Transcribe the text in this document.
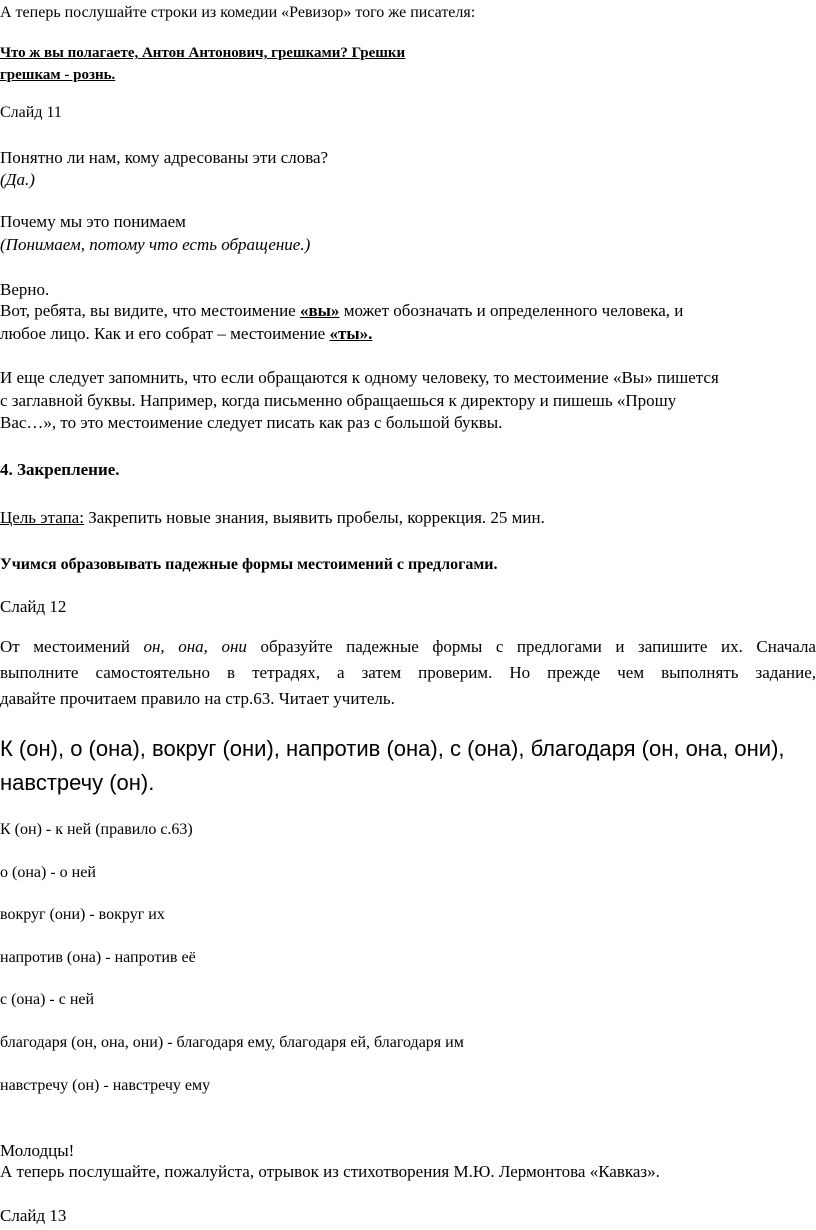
А теперь послушайте строки из комедии «Ревизор» того же писателя:

Что ж вы полагаете, Антон Антонович, грешками? Грешки

грешкам - рознь.

Слайд 11

Понятно ли нам, кому адресованы эти слова?

(Да.)

Почему мы это понимаем

(Понимаем, потому что есть обращение.)

Верно.

Вот, ребята, вы видите, что местоимение «вы» может обозначать и определенного человека, и

любое лицо. Как и его собрат – местоимение «ты».

И еще следует запомнить, что если обращаются к одному человеку, то местоимение «Вы» пишется

с заглавной буквы. Например, когда письменно обращаешься к директору и пишешь «Прошу

Вас…», то это местоимение следует писать как раз с большой буквы.

4. Закрепление.

Цель этапа: Закрепить новые знания, выявить пробелы, коррекция. 25 мин.

Учимся образовывать падежные формы местоимений с предлогами.

Слайд 12

От местоимений он, она, они образуйте падежные формы с предлогами и запишите их. Сначала

выполните самостоятельно в тетрадях, а затем проверим. Но прежде чем выполнять задание,

давайте прочитаем правило на стр.63. Читает учитель.

К (он), о (она), вокруг (они), напротив (она), с (она), благодаря (он, она, они),

навстречу (он).

К (он) - к ней (правило с.63)

о (она) - о ней

вокруг (они) - вокруг их

напротив (она) - напротив её

с (она) - с ней

благодаря (он, она, они) - благодаря ему, благодаря ей, благодаря им

навстречу (он) - навстречу ему

Молодцы!

А теперь послушайте, пожалуйста, отрывок из стихотворения М.Ю. Лермонтова «Кавказ».

Слайд 13
